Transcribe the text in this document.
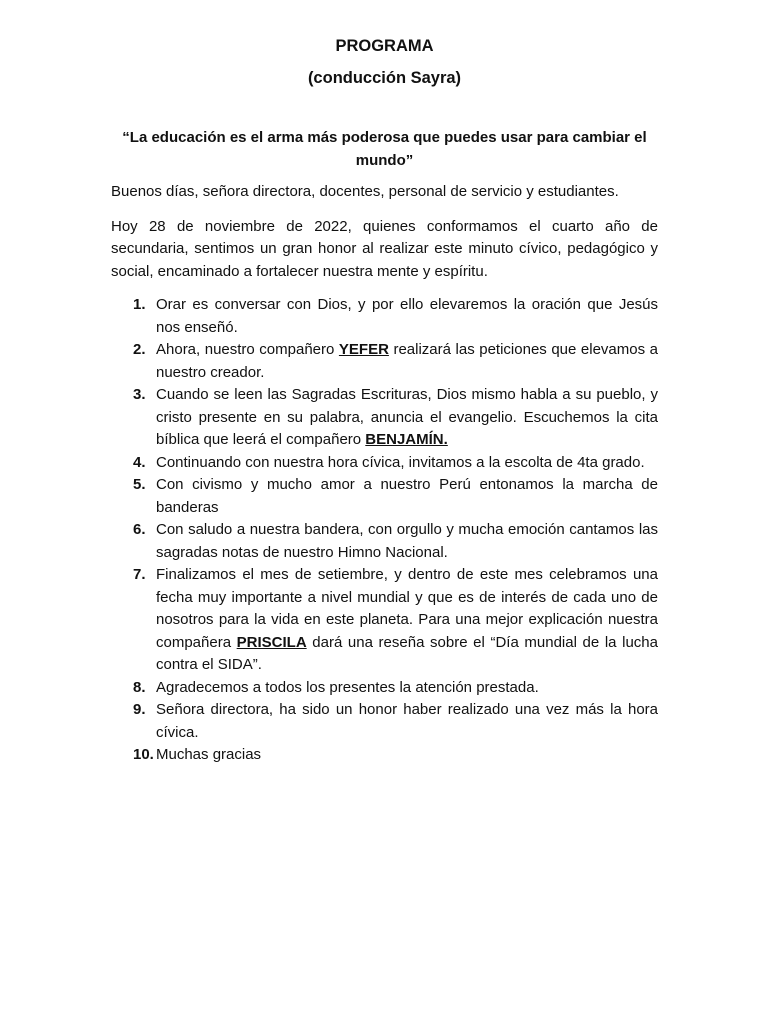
PROGRAMA
(conducción Sayra)

“La educación es el arma más poderosa que puedes usar para cambiar el mundo”

Buenos días, señora directora, docentes, personal de servicio y estudiantes.

Hoy 28 de noviembre de 2022, quienes conformamos el cuarto año de secundaria, sentimos un gran honor al realizar este minuto cívico, pedagógico y social, encaminado a fortalecer nuestra mente y espíritu.

1. Orar es conversar con Dios, y por ello elevaremos la oración que Jesús nos enseñó.
2. Ahora, nuestro compañero YEFER realizará las peticiones que elevamos a nuestro creador.
3. Cuando se leen las Sagradas Escrituras, Dios mismo habla a su pueblo, y cristo presente en su palabra, anuncia el evangelio. Escuchemos la cita bíblica que leerá el compañero BENJAMÍN.
4. Continuando con nuestra hora cívica, invitamos a la escolta de 4ta grado.
5. Con civismo y mucho amor a nuestro Perú entonamos la marcha de banderas
6. Con saludo a nuestra bandera, con orgullo y mucha emoción cantamos las sagradas notas de nuestro Himno Nacional.
7. Finalizamos el mes de setiembre, y dentro de este mes celebramos una fecha muy importante a nivel mundial y que es de interés de cada uno de nosotros para la vida en este planeta. Para una mejor explicación nuestra compañera PRISCILA dará una reseña sobre el “Día mundial de la lucha contra el SIDA”.
8. Agradecemos a todos los presentes la atención prestada.
9. Señora directora, ha sido un honor haber realizado una vez más la hora cívica.
10. Muchas gracias
